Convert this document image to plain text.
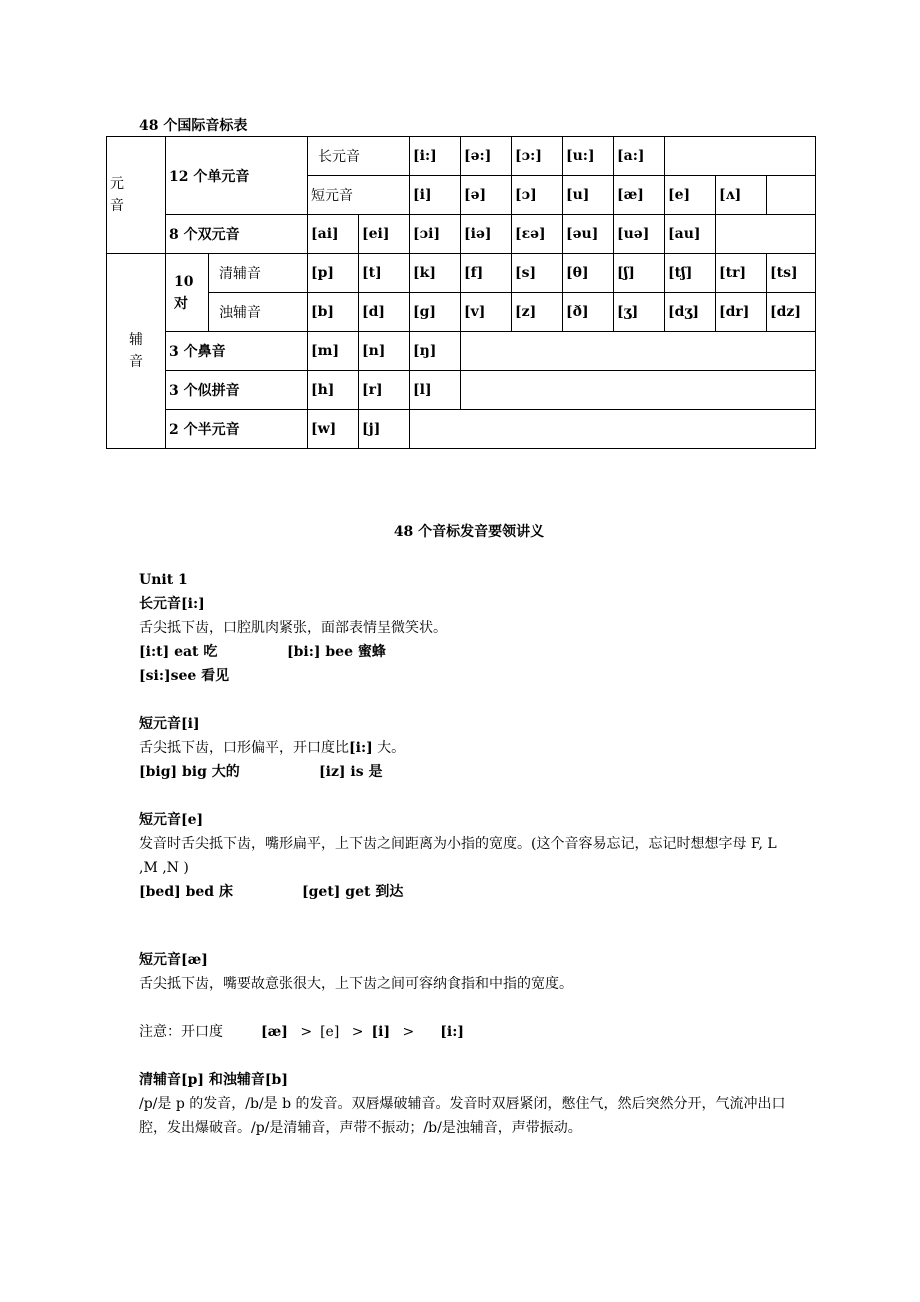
48 个国际音标表
元
音	12 个单元音		长元音		[i:]	[ə:]	[ɔ:]	[u:]	[a:]			
			短元音		[i]	[ə]	[ɔ]	[u]	[æ]	[e]	[ʌ]	
	8 个双元音		[ai]	[ei]	[ɔi]	[iə]	[ɛə]	[əu]	[uə]	[au]		
辅
音	10
对	清辅音	[p]	[t]	[k]	[f]	[s]	[θ]	[ʃ]	[tʃ]	[tr]	[ts]
		浊辅音	[b]	[d]	[g]	[v]	[z]	[ð]	[ʒ]	[dʒ]	[dr]	[dz]
	3 个鼻音		[m]	[n]	[ŋ]							
	3 个似拼音		[h]	[r]	[l]							
	2 个半元音		[w]	[j]								

48 个音标发音要领讲义

Unit 1

长元音[i:]

舌尖抵下齿，口腔肌肉紧张，面部表情呈微笑状。

[i:t] eat 吃	[bi:] bee 蜜蜂

[si:]see 看见

短元音[i]

舌尖抵下齿，口形偏平，开口度比[i:] 大。

[big] big 大的	[iz] is 是

短元音[e]

发音时舌尖抵下齿，嘴形扁平，上下齿之间距离为小指的宽度。(这个音容易忘记，忘记时想想字母 F, L ,M ,N )

[bed] bed 床	[get] get 到达

短元音[æ]

舌尖抵下齿，嘴要故意张很大，上下齿之间可容纳食指和中指的宽度。

注意：开口度	[æ] > [e] > [i] > [i:]

清辅音[p] 和浊辅音[b]

/p/是 p 的发音，/b/是 b 的发音。双唇爆破辅音。发音时双唇紧闭，憋住气，然后突然分开，气流冲出口腔，发出爆破音。/p/是清辅音，声带不振动；/b/是浊辅音，声带振动。
